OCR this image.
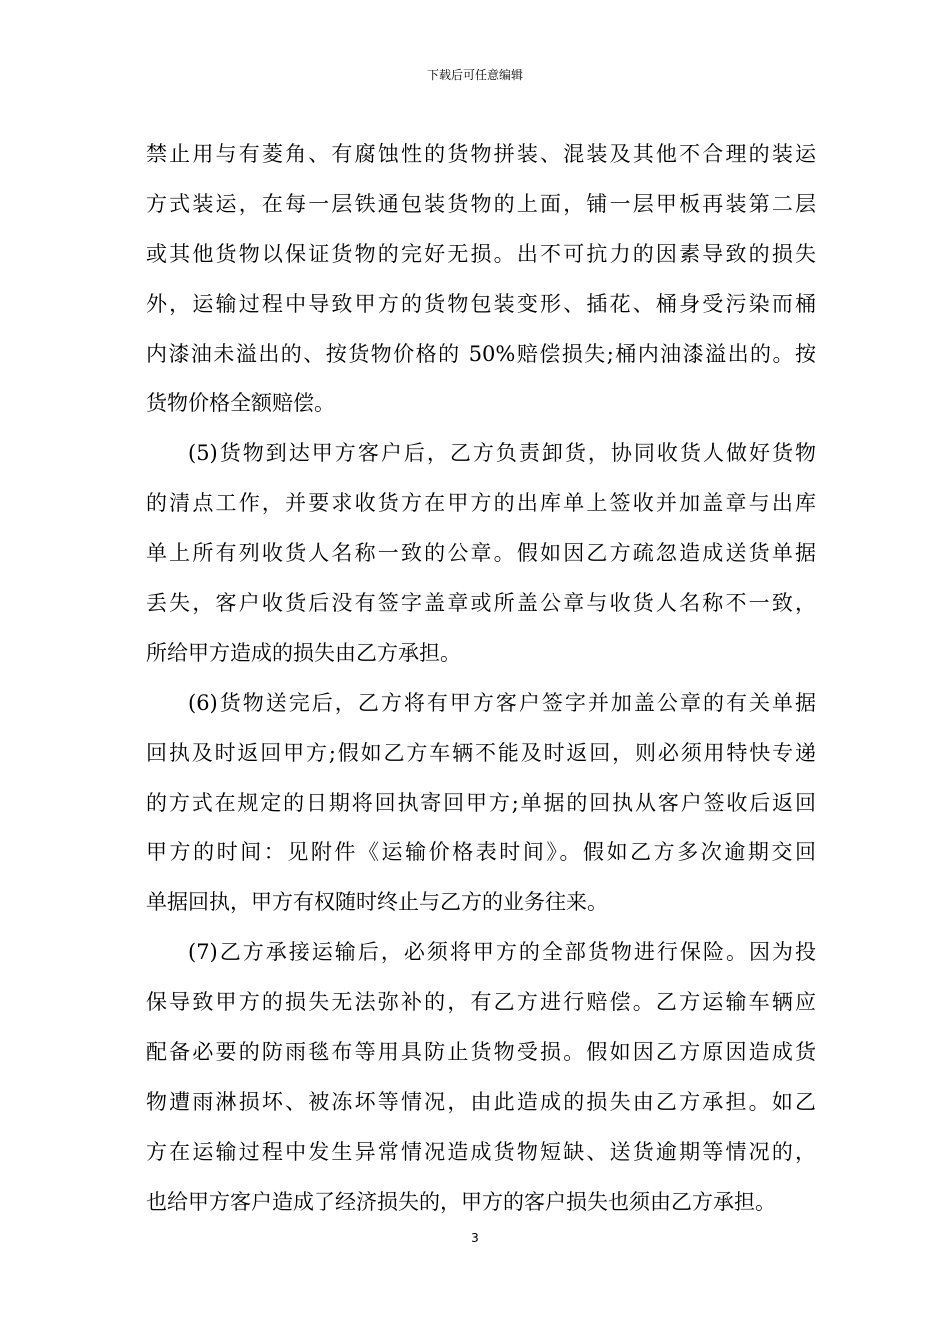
下载后可任意编辑
禁止用与有菱角、有腐蚀性的货物拼装、混装及其他不合理的装运
方式装运，在每一层铁通包装货物的上面，铺一层甲板再装第二层
或其他货物以保证货物的完好无损。出不可抗力的因素导致的损失
外，运输过程中导致甲方的货物包装变形、插花、桶身受污染而桶
内漆油未溢出的、按货物价格的 50%赔偿损失;桶内油漆溢出的。按
货物价格全额赔偿。
(5)货物到达甲方客户后，乙方负责卸货，协同收货人做好货物
的清点工作，并要求收货方在甲方的出库单上签收并加盖章与出库
单上所有列收货人名称一致的公章。假如因乙方疏忽造成送货单据
丢失，客户收货后没有签字盖章或所盖公章与收货人名称不一致，
所给甲方造成的损失由乙方承担。
(6)货物送完后，乙方将有甲方客户签字并加盖公章的有关单据
回执及时返回甲方;假如乙方车辆不能及时返回，则必须用特快专递
的方式在规定的日期将回执寄回甲方;单据的回执从客户签收后返回
甲方的时间：见附件《运输价格表时间》。假如乙方多次逾期交回
单据回执，甲方有权随时终止与乙方的业务往来。
(7)乙方承接运输后，必须将甲方的全部货物进行保险。因为投
保导致甲方的损失无法弥补的，有乙方进行赔偿。乙方运输车辆应
配备必要的防雨毯布等用具防止货物受损。假如因乙方原因造成货
物遭雨淋损坏、被冻坏等情况，由此造成的损失由乙方承担。如乙
方在运输过程中发生异常情况造成货物短缺、送货逾期等情况的，
也给甲方客户造成了经济损失的，甲方的客户损失也须由乙方承担。
3
